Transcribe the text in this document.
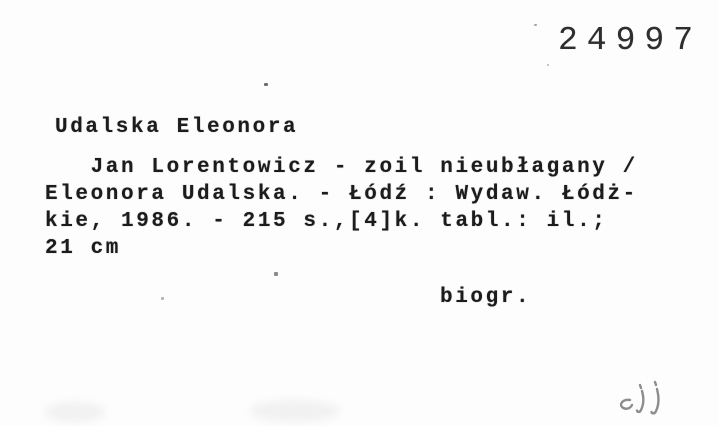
24997
Udalska Eleonora
Jan Lorentowicz - zoil nieubłagany /
Eleonora Udalska. - Łódź : Wydaw. Łódż-
kie, 1986. - 215 s.,[4]k. tabl.: il.;
21 cm
biogr.
